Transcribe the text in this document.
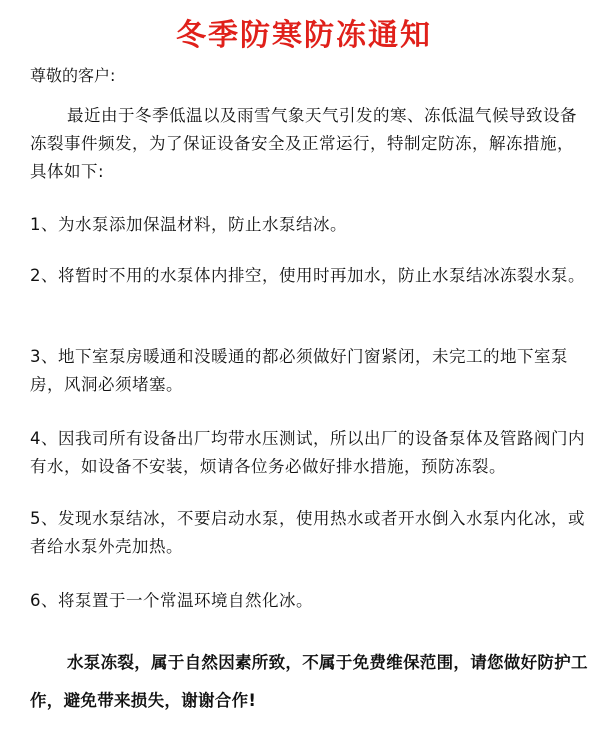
冬季防寒防冻通知
尊敬的客户:

最近由于冬季低温以及雨雪气象天气引发的寒、冻低温气候导致设备冻裂事件频发，为了保证设备安全及正常运行，特制定防冻，解冻措施，具体如下:

1、为水泵添加保温材料，防止水泵结冰。

2、将暂时不用的水泵体内排空，使用时再加水，防止水泵结冰冻裂水泵。

3、地下室泵房暖通和没暖通的都必须做好门窗紧闭，未完工的地下室泵房，风洞必须堵塞。

4、因我司所有设备出厂均带水压测试，所以出厂的设备泵体及管路阀门内有水，如设备不安装，烦请各位务必做好排水措施，预防冻裂。

5、发现水泵结冰，不要启动水泵，使用热水或者开水倒入水泵内化冰，或者给水泵外壳加热。

6、将泵置于一个常温环境自然化冰。

水泵冻裂，属于自然因素所致，不属于免费维保范围，请您做好防护工作，避免带来损失，谢谢合作!
